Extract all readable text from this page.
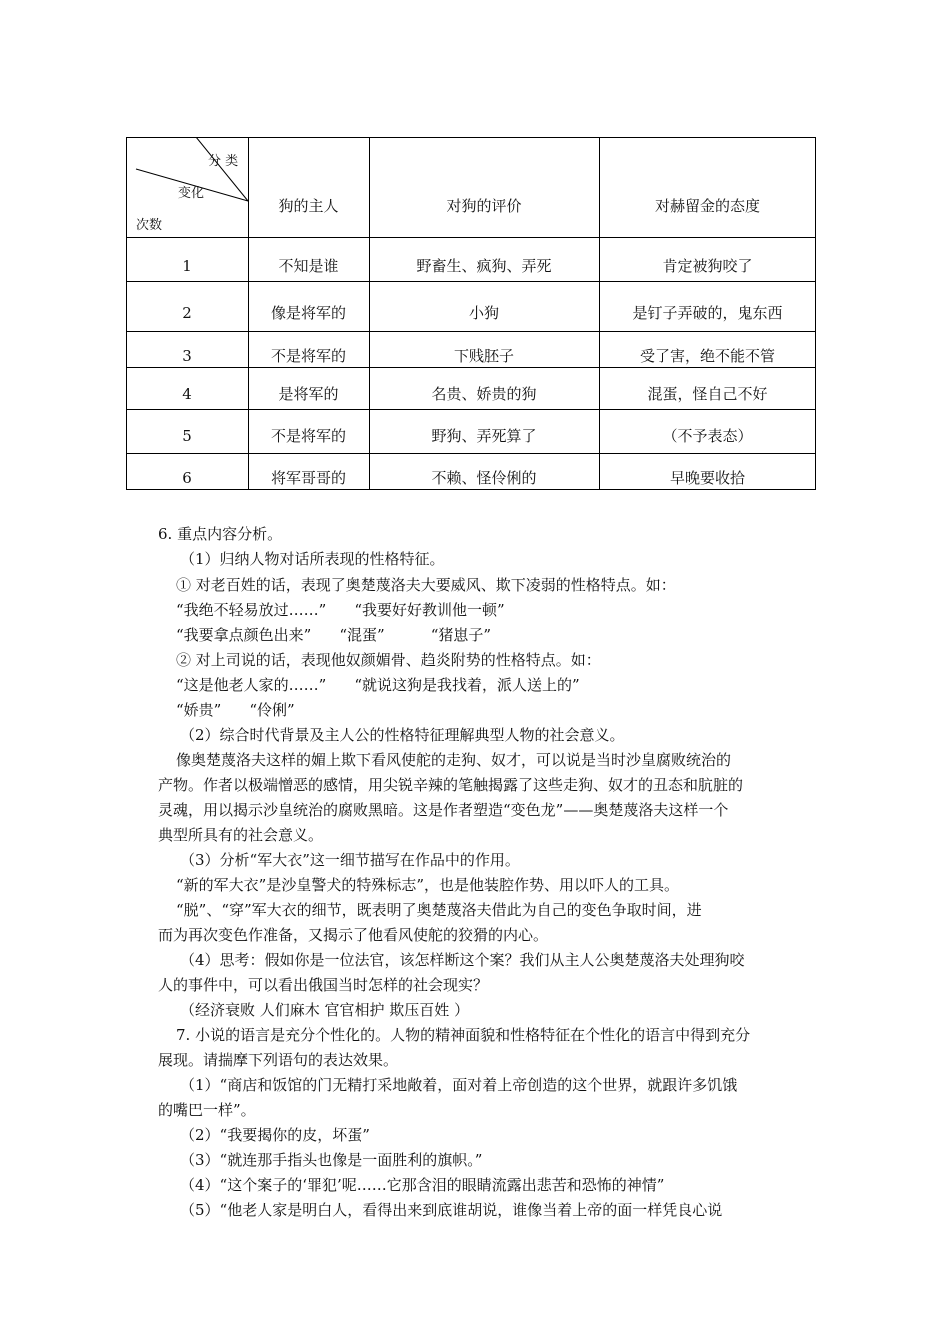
分 类
变化
次数
狗的主人	对狗的评价	对赫留金的态度
1	不知是谁	野畜生、疯狗、弄死	肯定被狗咬了
2	像是将军的	小狗	是钉子弄破的，鬼东西
3	不是将军的	下贱胚子	受了害，绝不能不管
4	是将军的	名贵、娇贵的狗	混蛋，怪自己不好
5	不是将军的	野狗、弄死算了	（不予表态）
6	将军哥哥的	不赖、怪伶俐的	早晚要收拾

6. 重点内容分析。

（1）归纳人物对话所表现的性格特征。

① 对老百姓的话，表现了奥楚蔑洛夫大要威风、欺下凌弱的性格特点。如：

“我绝不轻易放过……” “我要好好教训他一顿”

“我要拿点颜色出来” “混蛋”	“猪崽子”

② 对上司说的话，表现他奴颜媚骨、趋炎附势的性格特点。如：

“这是他老人家的……” “就说这狗是我找着，派人送上的”

“娇贵” “伶俐”

（2）综合时代背景及主人公的性格特征理解典型人物的社会意义。

像奥楚蔑洛夫这样的媚上欺下看风使舵的走狗、奴才，可以说是当时沙皇腐败统治的

产物。作者以极端憎恶的感情，用尖锐辛辣的笔触揭露了这些走狗、奴才的丑态和肮脏的

灵魂，用以揭示沙皇统治的腐败黑暗。这是作者塑造“变色龙”——奥楚蔑洛夫这样一个

典型所具有的社会意义。

（3）分析“军大衣”这一细节描写在作品中的作用。

“新的军大衣”是沙皇警犬的特殊标志”，也是他装腔作势、用以吓人的工具。

“脱”、“穿”军大衣的细节，既表明了奥楚蔑洛夫借此为自己的变色争取时间，进

而为再次变色作准备，又揭示了他看风使舵的狡猾的内心。

（4）思考：假如你是一位法官，该怎样断这个案？我们从主人公奥楚蔑洛夫处理狗咬

人的事件中，可以看出俄国当时怎样的社会现实？

（经济衰败 人们麻木 官官相护 欺压百姓 ）

7. 小说的语言是充分个性化的。人物的精神面貌和性格特征在个性化的语言中得到充分

展现。请揣摩下列语句的表达效果。

（1）“商店和饭馆的门无精打采地敞着，面对着上帝创造的这个世界，就跟许多饥饿

的嘴巴一样”。

（2）“我要揭你的皮，坏蛋”

（3）“就连那手指头也像是一面胜利的旗帜。”

（4）“这个案子的‘罪犯’呢……它那含泪的眼睛流露出悲苦和恐怖的神情”

（5）“他老人家是明白人，看得出来到底谁胡说，谁像当着上帝的面一样凭良心说
